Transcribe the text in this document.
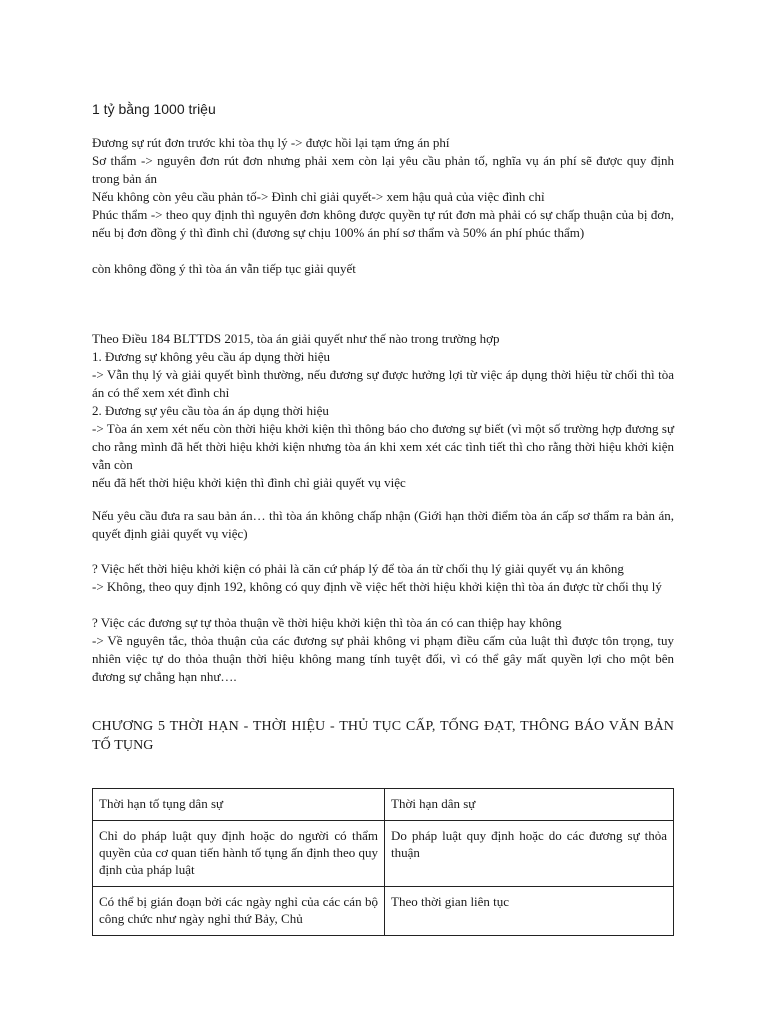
1 tỷ bằng 1000 triệu

Đương sự rút đơn trước khi tòa thụ lý -> được hồi lại tạm ứng án phí

Sơ thẩm -> nguyên đơn rút đơn nhưng phải xem còn lại yêu cầu phản tố, nghĩa vụ án phí sẽ được quy định trong bản án

Nếu không còn yêu cầu phản tố-> Đình chỉ giải quyết-> xem hậu quả của việc đình chỉ

Phúc thẩm -> theo quy định thì nguyên đơn không được quyền tự rút đơn mà phải có sự chấp thuận của bị đơn, nếu bị đơn đồng ý thì đình chỉ (đương sự chịu 100% án phí sơ thẩm và 50% án phí phúc thẩm)

còn không đồng ý thì tòa án vẫn tiếp tục giải quyết

Theo Điều 184 BLTTDS 2015, tòa án giải quyết như thế nào trong trường hợp

1. Đương sự không yêu cầu áp dụng thời hiệu

-> Vẫn thụ lý và giải quyết bình thường, nếu đương sự được hưởng lợi từ việc áp dụng thời hiệu từ chối thì tòa án có thể xem xét đình chỉ

2. Đương sự yêu cầu tòa án áp dụng thời hiệu

-> Tòa án xem xét nếu còn thời hiệu khởi kiện thì thông báo cho đương sự biết (vì một số trường hợp đương sự cho rằng mình đã hết thời hiệu khởi kiện nhưng tòa án khi xem xét các tình tiết thì cho rằng thời hiệu khởi kiện vẫn còn

nếu đã hết thời hiệu khởi kiện thì đình chỉ giải quyết vụ việc

Nếu yêu cầu đưa ra sau bản án… thì tòa án không chấp nhận (Giới hạn thời điểm tòa án cấp sơ thẩm ra bản án, quyết định giải quyết vụ việc)

? Việc hết thời hiệu khởi kiện có phải là căn cứ pháp lý để tòa án từ chối thụ lý giải quyết vụ án không

-> Không, theo quy định 192, không có quy định về việc hết thời hiệu khởi kiện thì tòa án được từ chối thụ lý

? Việc các đương sự tự thỏa thuận về thời hiệu khởi kiện thì tòa án có can thiệp hay không

-> Về nguyên tắc, thỏa thuận của các đương sự phải không vi phạm điều cấm của luật thì được tôn trọng, tuy nhiên việc tự do thỏa thuận thời hiệu không mang tính tuyệt đối, vì có thể gây mất quyền lợi cho một bên đương sự chẳng hạn như….

CHƯƠNG 5 THỜI HẠN - THỜI HIỆU - THỦ TỤC CẤP, TỐNG ĐẠT, THÔNG BÁO VĂN BẢN TỐ TỤNG

Thời hạn tố tụng dân sự	Thời hạn dân sự
Chỉ do pháp luật quy định hoặc do người có thẩm quyền của cơ quan tiến hành tố tụng ấn định theo quy định của pháp luật	Do pháp luật quy định hoặc do các đương sự thỏa thuận
Có thể bị gián đoạn bởi các ngày nghỉ của các cán bộ công chức như ngày nghỉ thứ Bảy, Chủ	Theo thời gian liên tục
